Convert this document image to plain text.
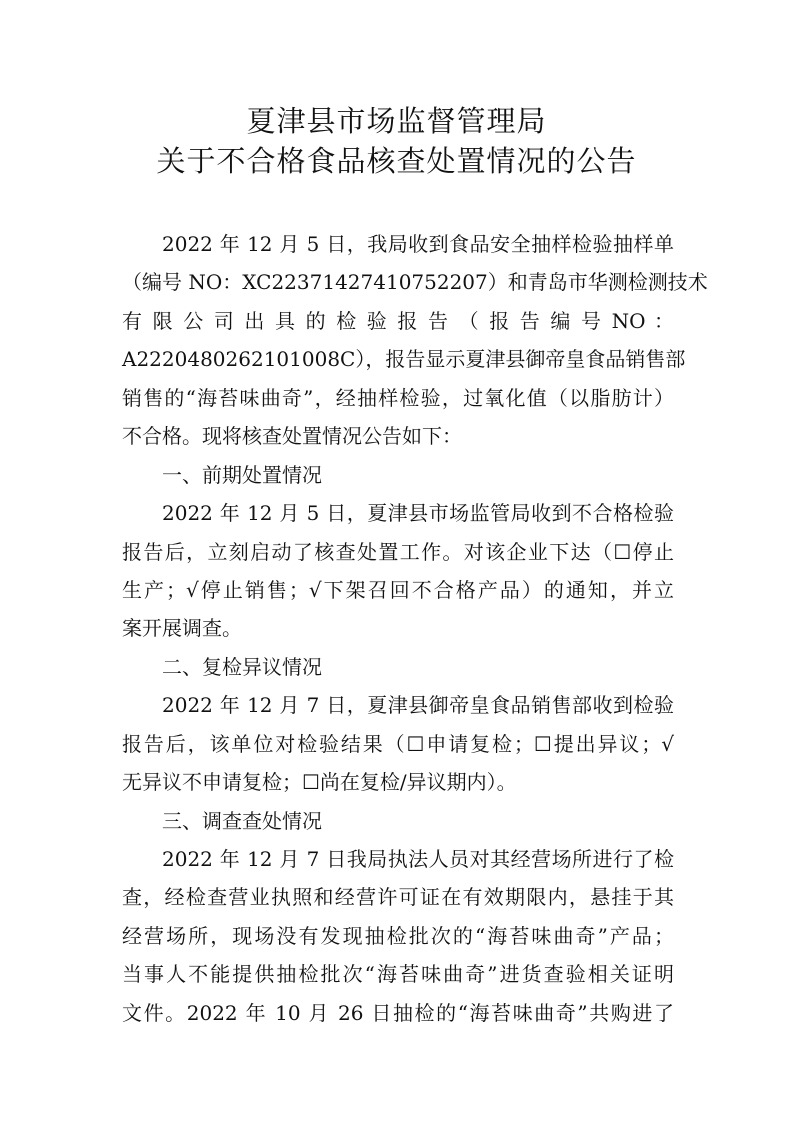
夏津县市场监督管理局
关于不合格食品核查处置情况的公告
2022 年 12 月 5 日，我局收到食品安全抽样检验抽样单
（编号 NO：XC22371427410752207）和青岛市华测检测技术
有 限 公 司 出 具 的 检 验 报 告 （ 报 告 编 号 NO ：
A2220480262101008C），报告显示夏津县御帝皇食品销售部
销售的“海苔味曲奇”，经抽样检验，过氧化值（以脂肪计）
不合格。现将核查处置情况公告如下：
一、前期处置情况
2022 年 12 月 5 日，夏津县市场监管局收到不合格检验
报告后，立刻启动了核查处置工作。对该企业下达（☐停止
生产；√停止销售；√下架召回不合格产品）的通知，并立
案开展调查。
二、复检异议情况
2022 年 12 月 7 日，夏津县御帝皇食品销售部收到检验
报告后，该单位对检验结果（☐申请复检；☐提出异议；√
无异议不申请复检；☐尚在复检/异议期内）。
三、调查查处情况
2022 年 12 月 7 日我局执法人员对其经营场所进行了检
查，经检查营业执照和经营许可证在有效期限内，悬挂于其
经营场所，现场没有发现抽检批次的“海苔味曲奇”产品；
当事人不能提供抽检批次“海苔味曲奇”进货查验相关证明
文件。2022 年 10 月 26 日抽检的“海苔味曲奇”共购进了
